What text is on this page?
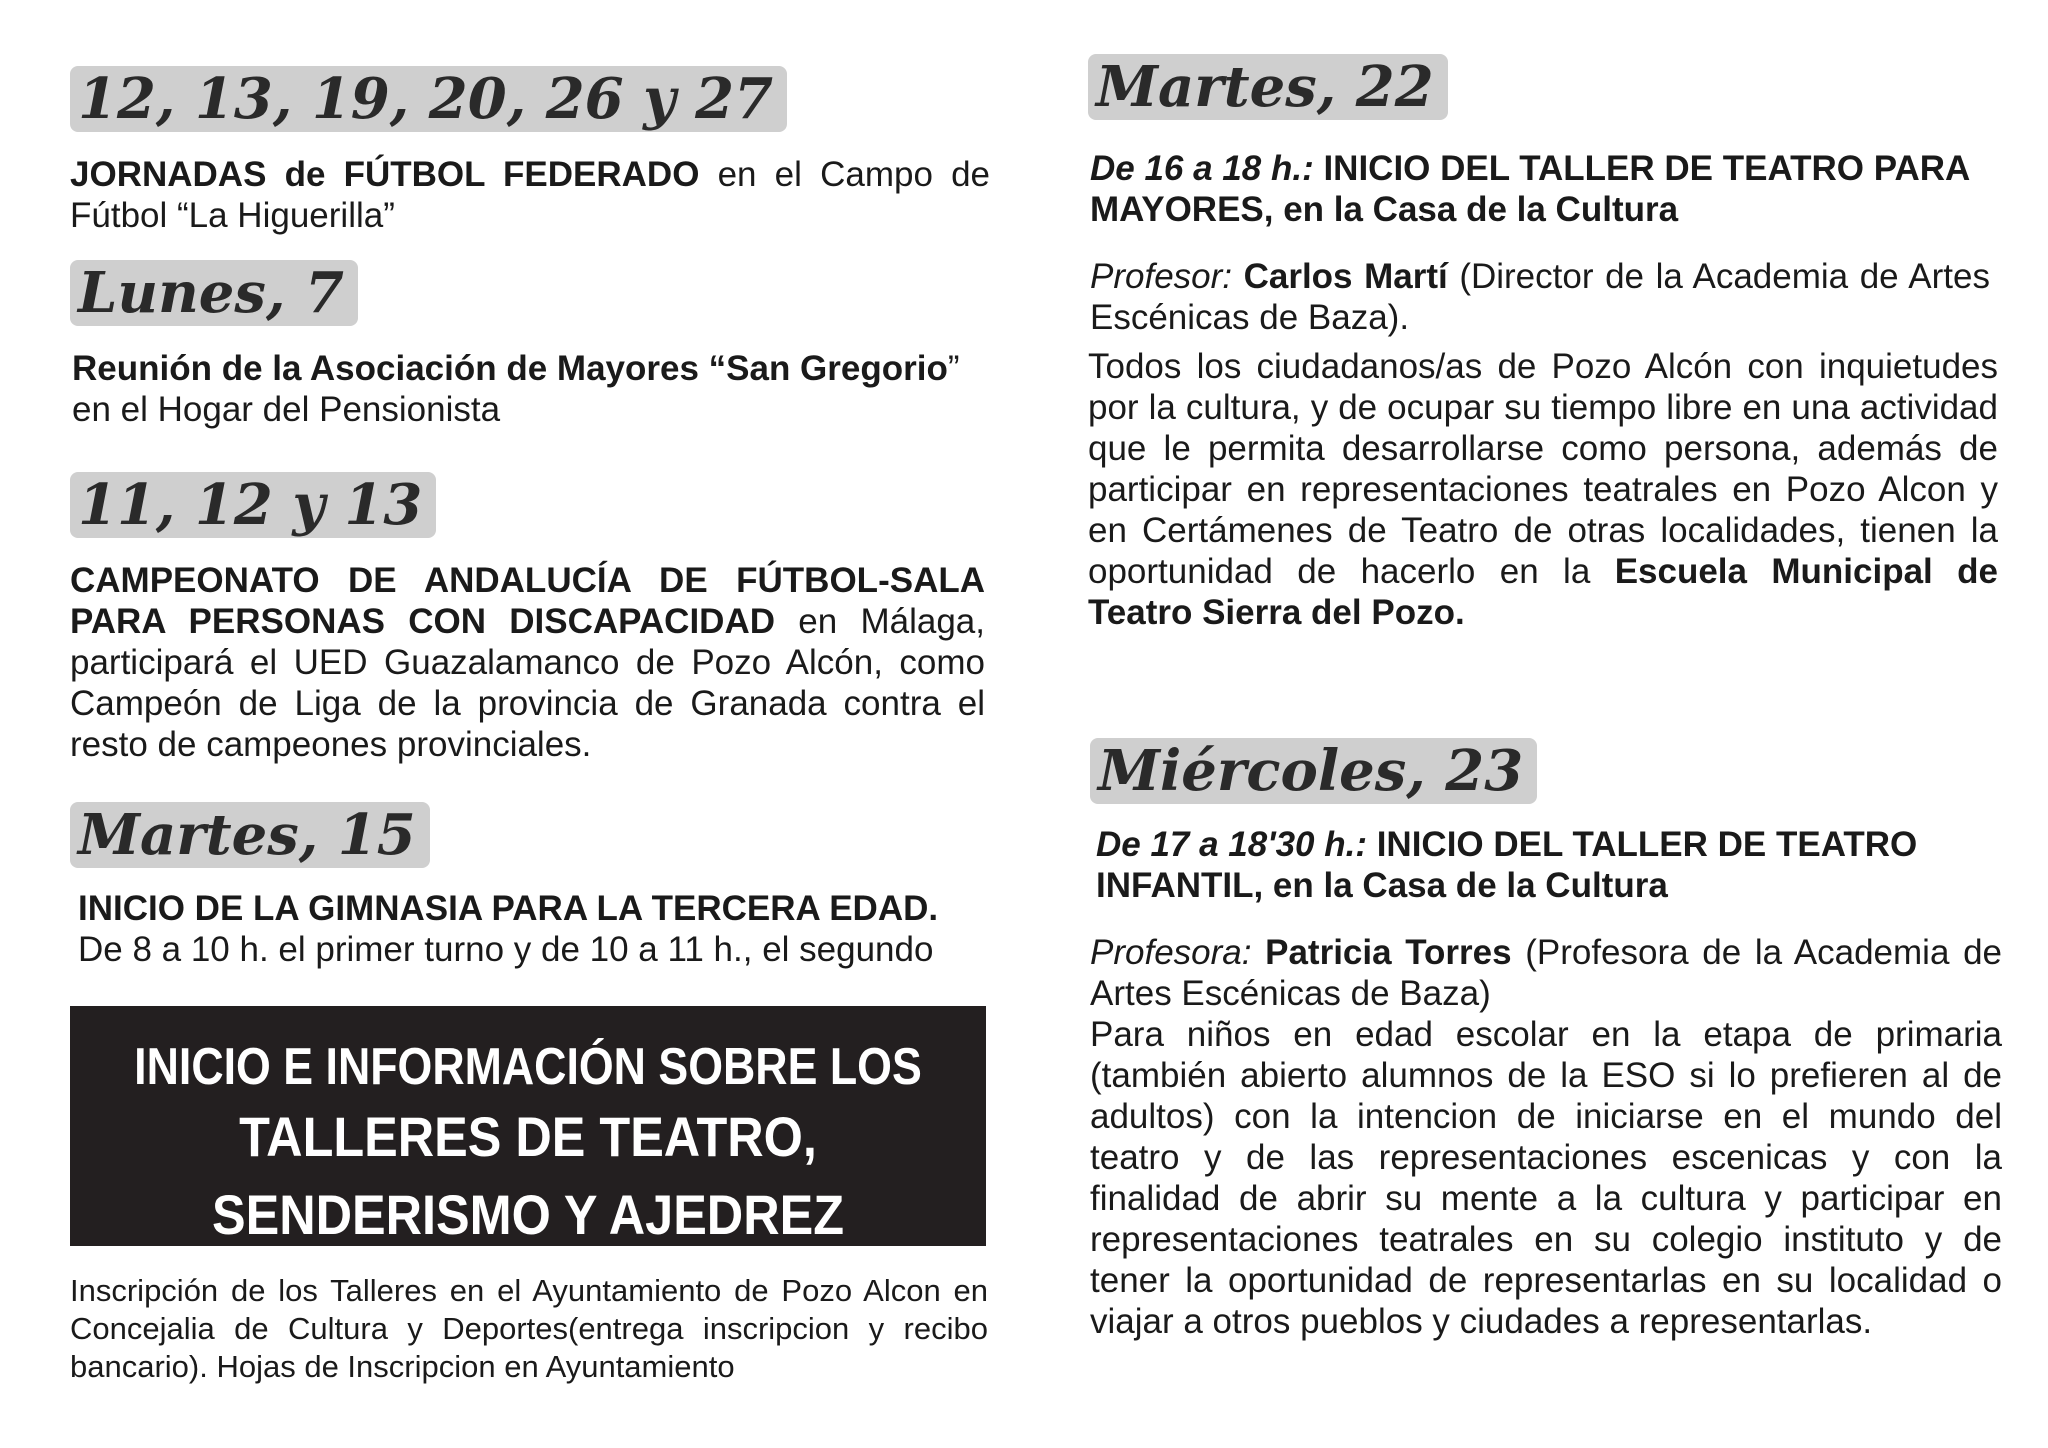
12, 13, 19, 20, 26 y 27

JORNADAS de FÚTBOL FEDERADO en el Campo de Fútbol “La Higuerilla”

Lunes, 7

Reunión de la Asociación de Mayores “San Gregorio”
en el Hogar del Pensionista

11, 12 y 13

CAMPEONATO DE ANDALUCÍA DE FÚTBOL-SALA PARA PERSONAS CON DISCAPACIDAD en Málaga, participará el UED Guazalamanco de Pozo Alcón, como Campeón de Liga de la provincia de Granada contra el resto de campeones provinciales.

Martes, 15

INICIO DE LA GIMNASIA PARA LA TERCERA EDAD.
De 8 a 10 h. el primer turno y de 10 a 11 h., el segundo

INICIO E INFORMACIÓN SOBRE LOS
TALLERES DE TEATRO,
SENDERISMO Y AJEDREZ

Inscripción de los Talleres en el Ayuntamiento de Pozo Alcon en Concejalia de Cultura y Deportes(entrega inscripcion y recibo bancario). Hojas de Inscripcion en Ayuntamiento

Martes, 22

De 16 a 18 h.: INICIO DEL TALLER DE TEATRO PARA MAYORES, en la Casa de la Cultura

Profesor: Carlos Martí (Director de la Academia de Artes Escénicas de Baza).

Todos los ciudadanos/as de Pozo Alcón con inquietudes por la cultura, y de ocupar su tiempo libre en una actividad que le permita desarrollarse como persona, además de participar en representaciones teatrales en Pozo Alcon y en Certámenes de Teatro de otras localidades, tienen la oportunidad de hacerlo en la Escuela Municipal de Teatro Sierra del Pozo.

Miércoles, 23

De 17 a 18'30 h.: INICIO DEL TALLER DE TEATRO INFANTIL, en la Casa de la Cultura

Profesora: Patricia Torres (Profesora de la Academia de Artes Escénicas de Baza)

Para niños en edad escolar en la etapa de primaria (también abierto alumnos de la ESO si lo prefieren al de adultos) con la intencion de iniciarse en el mundo del teatro y de las representaciones escenicas y con la finalidad de abrir su mente a la cultura y participar en representaciones teatrales en su colegio instituto y de tener la oportunidad de representarlas en su localidad o viajar a otros pueblos y ciudades a representarlas.
